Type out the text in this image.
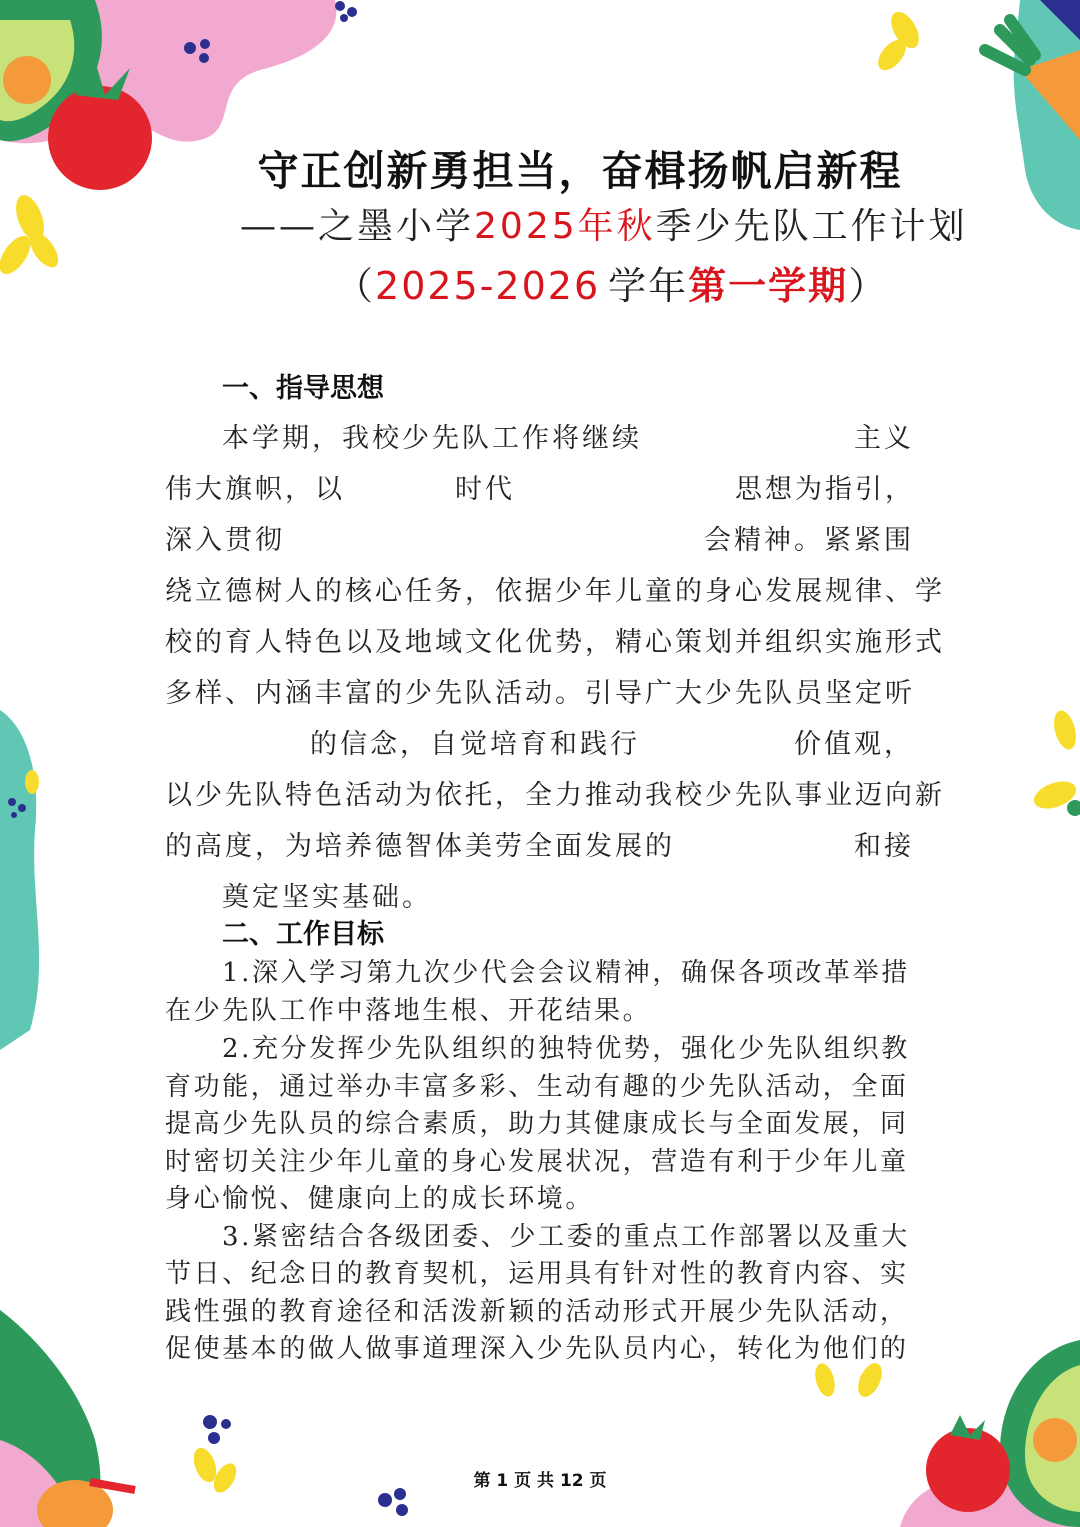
守正创新勇担当，奋楫扬帆启新程
——之墨小学2025年秋季少先队工作计划
（2025-2026 学年第一学期）
一、指导思想
本学期，我校少先队工作将继续	主义
伟大旗帜，以	时代	思想为指引，
深入贯彻	会精神。紧紧围
绕立德树人的核心任务，依据少年儿童的身心发展规律、学
校的育人特色以及地域文化优势，精心策划并组织实施形式
多样、内涵丰富的少先队活动。引导广大少先队员坚定听
的信念，自觉培育和践行	价值观，
以少先队特色活动为依托，全力推动我校少先队事业迈向新
的高度，为培养德智体美劳全面发展的	和接
奠定坚实基础。
二、工作目标
1.深入学习第九次少代会会议精神，确保各项改革举措
在少先队工作中落地生根、开花结果。
2.充分发挥少先队组织的独特优势，强化少先队组织教
育功能，通过举办丰富多彩、生动有趣的少先队活动，全面
提高少先队员的综合素质，助力其健康成长与全面发展，同
时密切关注少年儿童的身心发展状况，营造有利于少年儿童
身心愉悦、健康向上的成长环境。
3.紧密结合各级团委、少工委的重点工作部署以及重大
节日、纪念日的教育契机，运用具有针对性的教育内容、实
践性强的教育途径和活泼新颖的活动形式开展少先队活动，
促使基本的做人做事道理深入少先队员内心，转化为他们的
第 1 页 共 12 页
